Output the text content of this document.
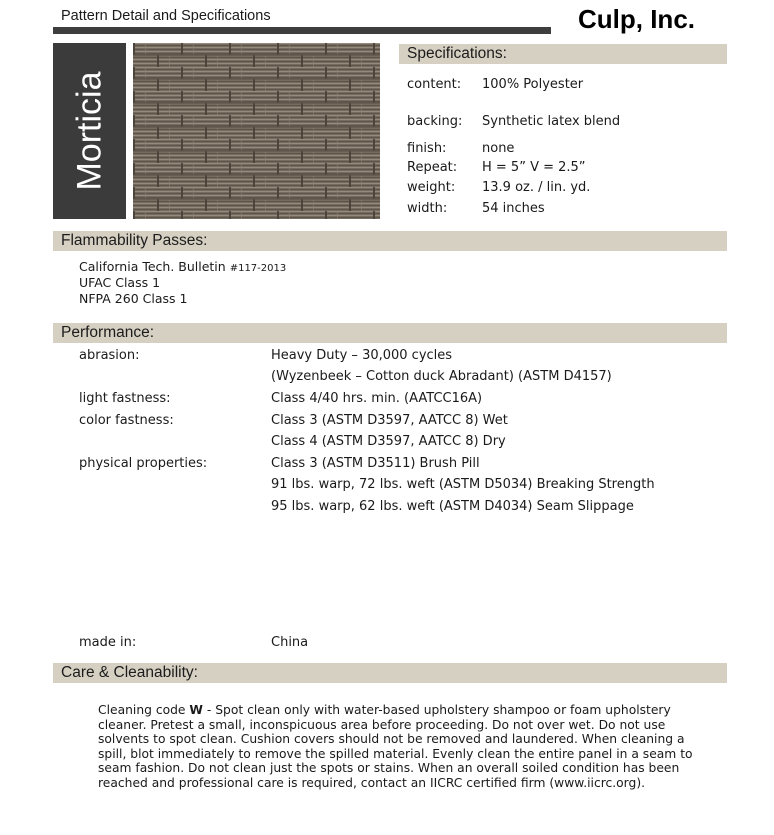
Pattern Detail and Specifications	Culp, Inc.
Morticia
Specifications:
content: 100% Polyester
backing: Synthetic latex blend
finish:	none
Repeat: H = 5” V = 2.5”
weight: 13.9 oz. / lin. yd.
width:	54 inches
Flammability Passes:
California Tech. Bulletin #117-2013
UFAC Class 1
NFPA 260 Class 1
Performance:
abrasion:	Heavy Duty – 30,000 cycles
(Wyzenbeek – Cotton duck Abradant) (ASTM D4157)
light fastness:	Class 4/40 hrs. min. (AATCC16A)
color fastness:	Class 3 (ASTM D3597, AATCC 8) Wet
Class 4 (ASTM D3597, AATCC 8) Dry
physical properties:	Class 3 (ASTM D3511) Brush Pill
91 lbs. warp, 72 lbs. weft (ASTM D5034) Breaking Strength
95 lbs. warp, 62 lbs. weft (ASTM D4034) Seam Slippage
made in:	China
Care & Cleanability:
Cleaning code W - Spot clean only with water-based upholstery shampoo or foam upholstery cleaner. Pretest a small, inconspicuous area before proceeding. Do not over wet. Do not use solvents to spot clean. Cushion covers should not be removed and laundered. When cleaning a spill, blot immediately to remove the spilled material. Evenly clean the entire panel in a seam to seam fashion. Do not clean just the spots or stains. When an overall soiled condition has been reached and professional care is required, contact an IICRC certified firm (www.iicrc.org).
